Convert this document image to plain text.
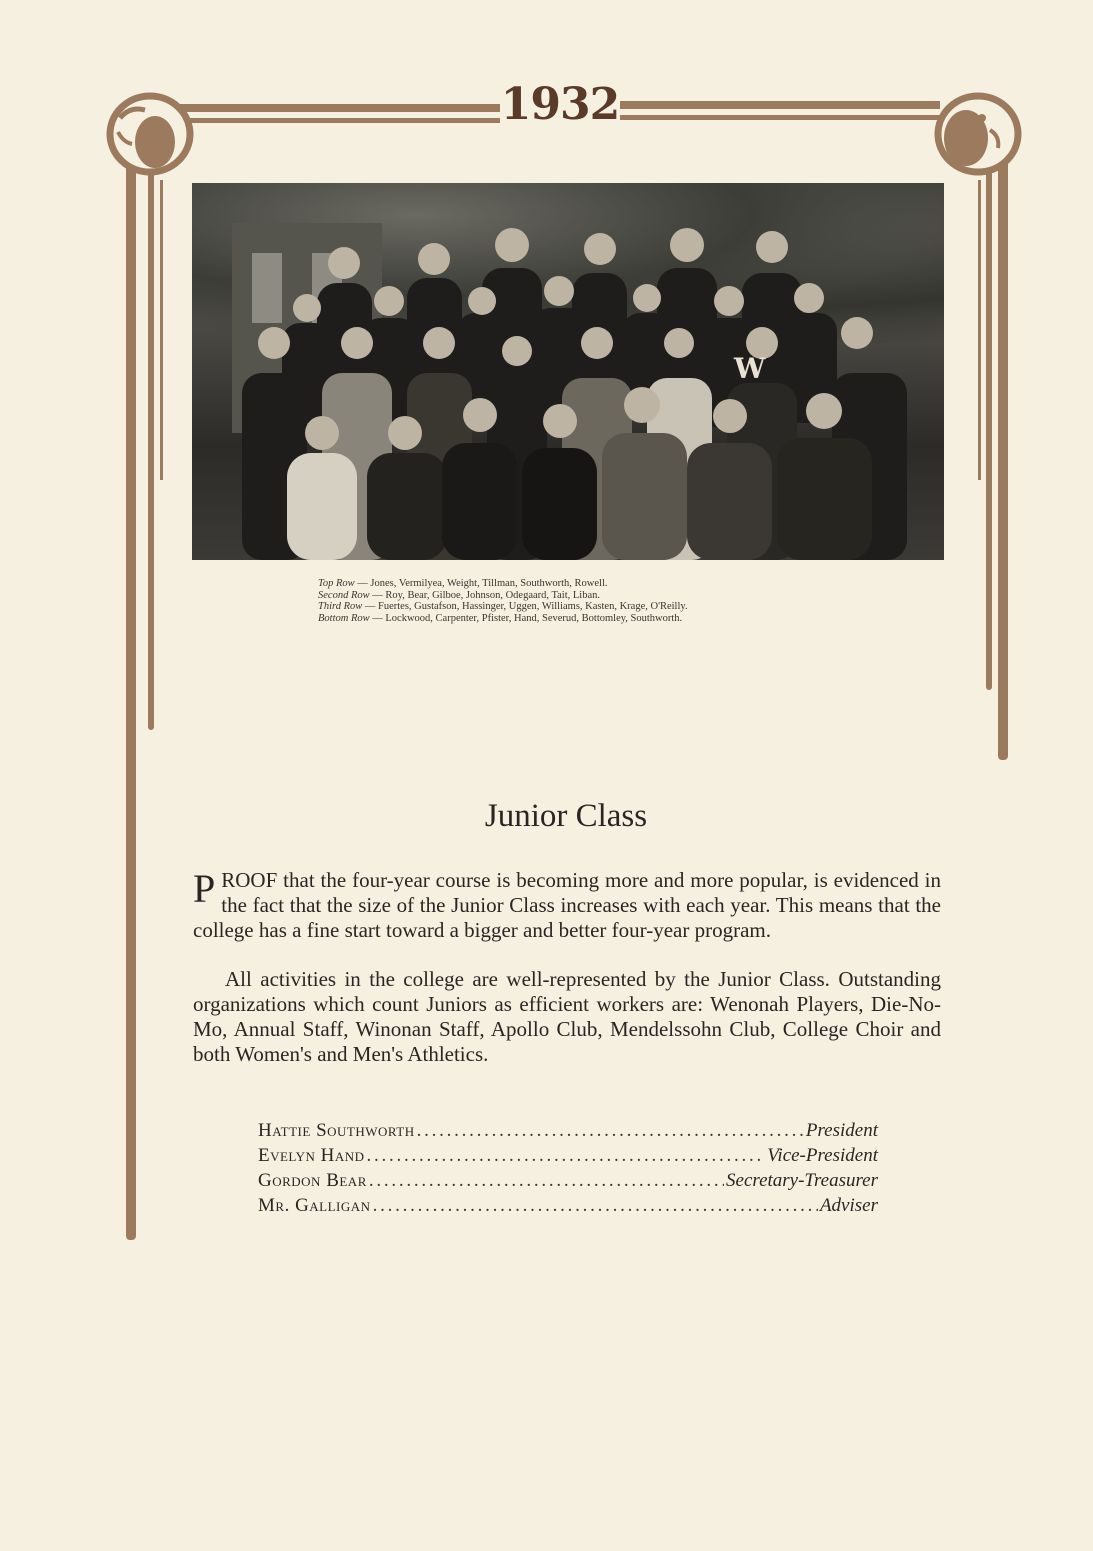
1932
W
Top Row — Jones, Vermilyea, Weight, Tillman, Southworth, Rowell.
Second Row — Roy, Bear, Gilboe, Johnson, Odegaard, Tait, Liban.
Third Row — Fuertes, Gustafson, Hassinger, Uggen, Williams, Kasten, Krage, O'Reilly.
Bottom Row — Lockwood, Carpenter, Pfister, Hand, Severud, Bottomley, Southworth.
Junior Class
PROOF that the four-year course is becoming more and more popular, is evidenced in the fact that the size of the Junior Class increases with each year. This means that the college has a fine start toward a bigger and better four-year program.
All activities in the college are well-represented by the Junior Class. Outstanding organizations which count Juniors as efficient workers are: Wenonah Players, Die-No-Mo, Annual Staff, Winonan Staff, Apollo Club, Mendelssohn Club, College Choir and both Women's and Men's Athletics.
Hattie Southworth . . .	President
Evelyn Hand . . .	Vice-President
Gordon Bear . . .	Secretary-Treasurer
Mr. Galligan . . .	Adviser
